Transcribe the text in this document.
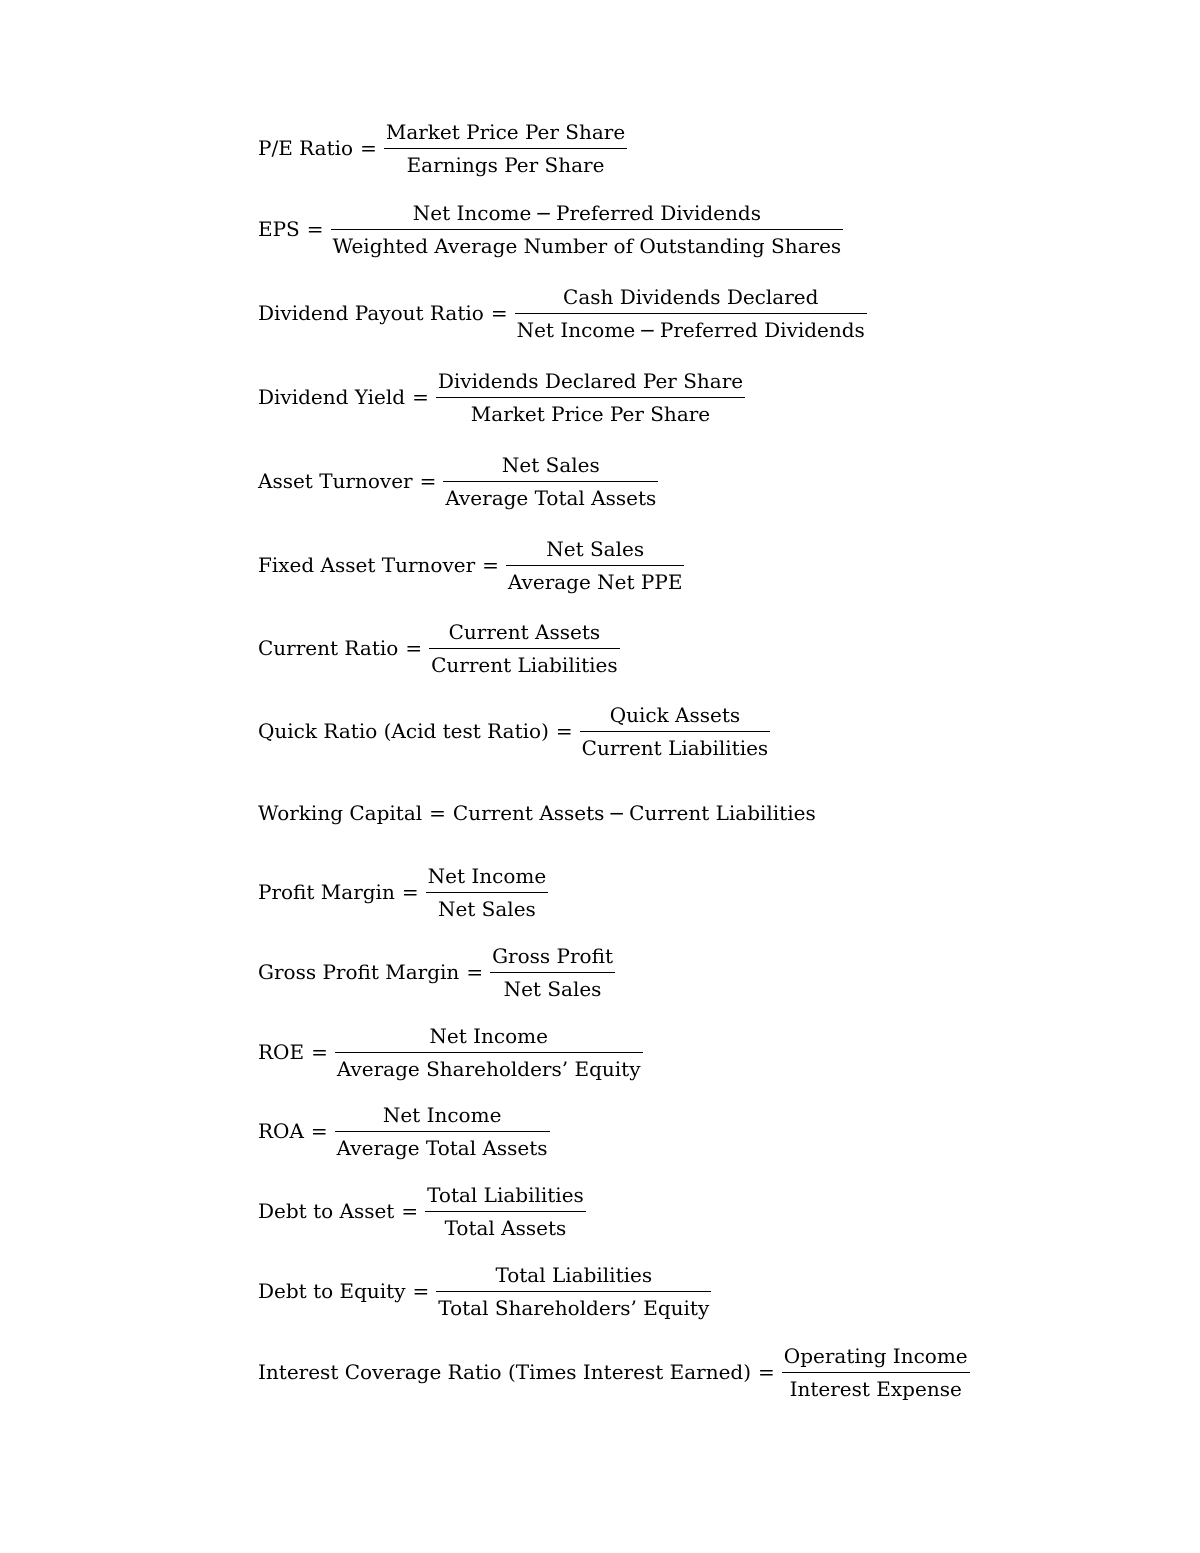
P/E Ratio = $\frac{\text{Market Price Per Share}}{\text{Earnings Per Share}}$
EPS = $\frac{\text{Net Income − Preferred Dividends}}{\text{Weighted Average Number of Outstanding Shares}}$
Dividend Payout Ratio = $\frac{\text{Cash Dividends Declared}}{\text{Net Income − Preferred Dividends}}$
Dividend Yield = $\frac{\text{Dividends Declared Per Share}}{\text{Market Price Per Share}}$
Asset Turnover = $\frac{\text{Net Sales}}{\text{Average Total Assets}}$
Fixed Asset Turnover = $\frac{\text{Net Sales}}{\text{Average Net PPE}}$
Current Ratio = $\frac{\text{Current Assets}}{\text{Current Liabilities}}$
Quick Ratio (Acid test Ratio) = $\frac{\text{Quick Assets}}{\text{Current Liabilities}}$
Working Capital = Current Assets − Current Liabilities
Profit Margin = $\frac{\text{Net Income}}{\text{Net Sales}}$
Gross Profit Margin = $\frac{\text{Gross Profit}}{\text{Net Sales}}$
ROE = $\frac{\text{Net Income}}{\text{Average Shareholders’ Equity}}$
ROA = $\frac{\text{Net Income}}{\text{Average Total Assets}}$
Debt to Asset = $\frac{\text{Total Liabilities}}{\text{Total Assets}}$
Debt to Equity = $\frac{\text{Total Liabilities}}{\text{Total Shareholders’ Equity}}$
Interest Coverage Ratio (Times Interest Earned) = $\frac{\text{Operating Income}}{\text{Interest Expense}}$
